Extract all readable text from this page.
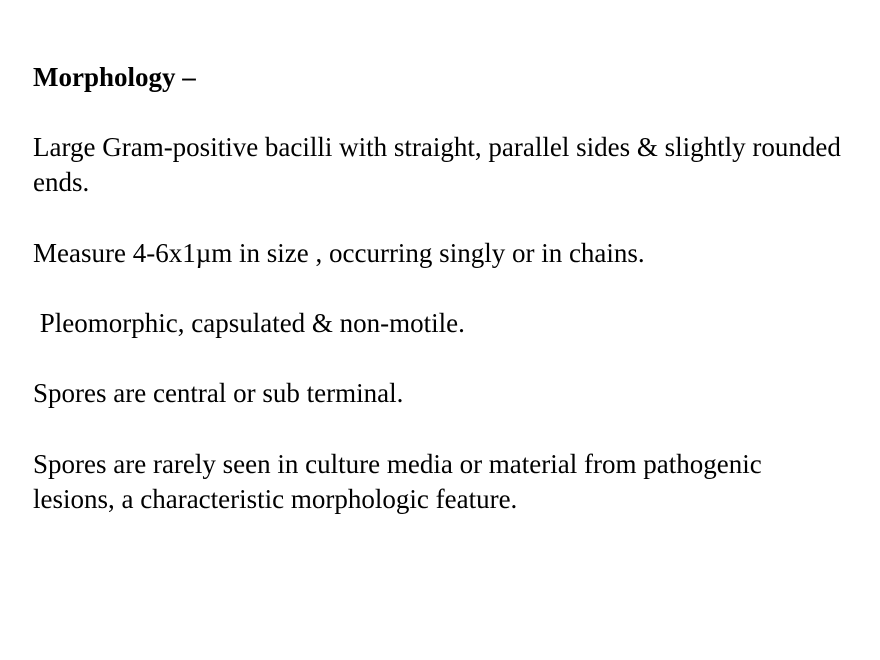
Morphology –

Large Gram-positive bacilli with straight, parallel sides & slightly rounded ends.

Measure 4-6x1µm in size , occurring singly or in chains.

Pleomorphic, capsulated & non-motile.

Spores are central or sub terminal.

Spores are rarely seen in culture media or material from pathogenic lesions, a characteristic morphologic feature.
